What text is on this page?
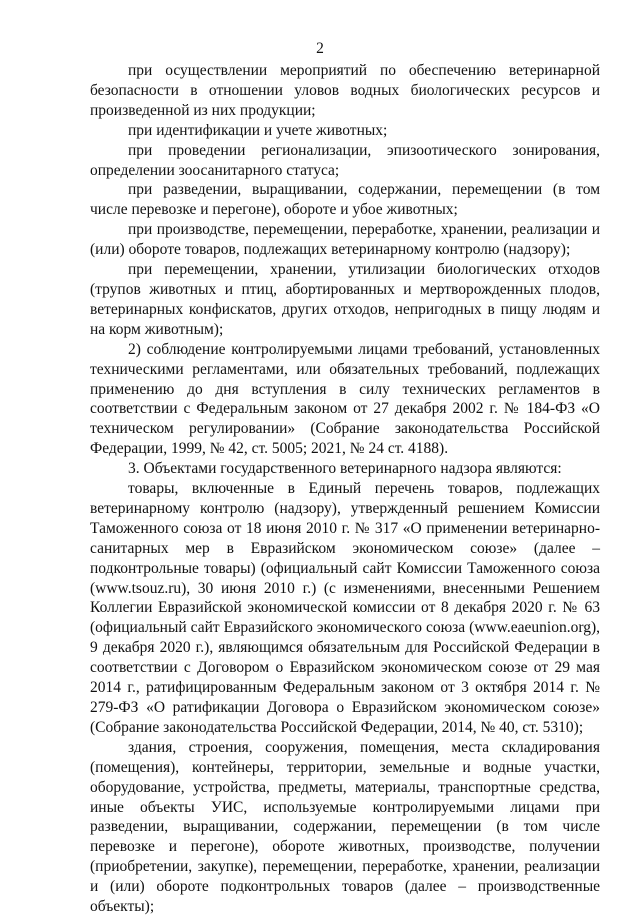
2

при осуществлении мероприятий по обеспечению ветеринарной безопасности в отношении уловов водных биологических ресурсов и произведенной из них продукции;

при идентификации и учете животных;

при проведении регионализации, эпизоотического зонирования, определении зоосанитарного статуса;

при разведении, выращивании, содержании, перемещении (в том числе перевозке и перегоне), обороте и убое животных;

при производстве, перемещении, переработке, хранении, реализации и (или) обороте товаров, подлежащих ветеринарному контролю (надзору);

при перемещении, хранении, утилизации биологических отходов (трупов животных и птиц, абортированных и мертворожденных плодов, ветеринарных конфискатов, других отходов, непригодных в пищу людям и на корм животным);

2) соблюдение контролируемыми лицами требований, установленных техническими регламентами, или обязательных требований, подлежащих применению до дня вступления в силу технических регламентов в соответствии с Федеральным законом от 27 декабря 2002 г. № 184-ФЗ «О техническом регулировании» (Собрание законодательства Российской Федерации, 1999, № 42, ст. 5005; 2021, № 24 ст. 4188).

3. Объектами государственного ветеринарного надзора являются:

товары, включенные в Единый перечень товаров, подлежащих ветеринарному контролю (надзору), утвержденный решением Комиссии Таможенного союза от 18 июня 2010 г. № 317 «О применении ветеринарно-санитарных мер в Евразийском экономическом союзе» (далее – подконтрольные товары) (официальный сайт Комиссии Таможенного союза (www.tsouz.ru), 30 июня 2010 г.) (с изменениями, внесенными Решением Коллегии Евразийской экономической комиссии от 8 декабря 2020 г. № 63 (официальный сайт Евразийского экономического союза (www.eaeunion.org), 9 декабря 2020 г.), являющимся обязательным для Российской Федерации в соответствии с Договором о Евразийском экономическом союзе от 29 мая 2014 г., ратифицированным Федеральным законом от 3 октября 2014 г. № 279-ФЗ «О ратификации Договора о Евразийском экономическом союзе» (Собрание законодательства Российской Федерации, 2014, № 40, ст. 5310);

здания, строения, сооружения, помещения, места складирования (помещения), контейнеры, территории, земельные и водные участки, оборудование, устройства, предметы, материалы, транспортные средства, иные объекты УИС, используемые контролируемыми лицами при разведении, выращивании, содержании, перемещении (в том числе перевозке и перегоне), обороте животных, производстве, получении (приобретении, закупке), перемещении, переработке, хранении, реализации и (или) обороте подконтрольных товаров (далее – производственные объекты);
